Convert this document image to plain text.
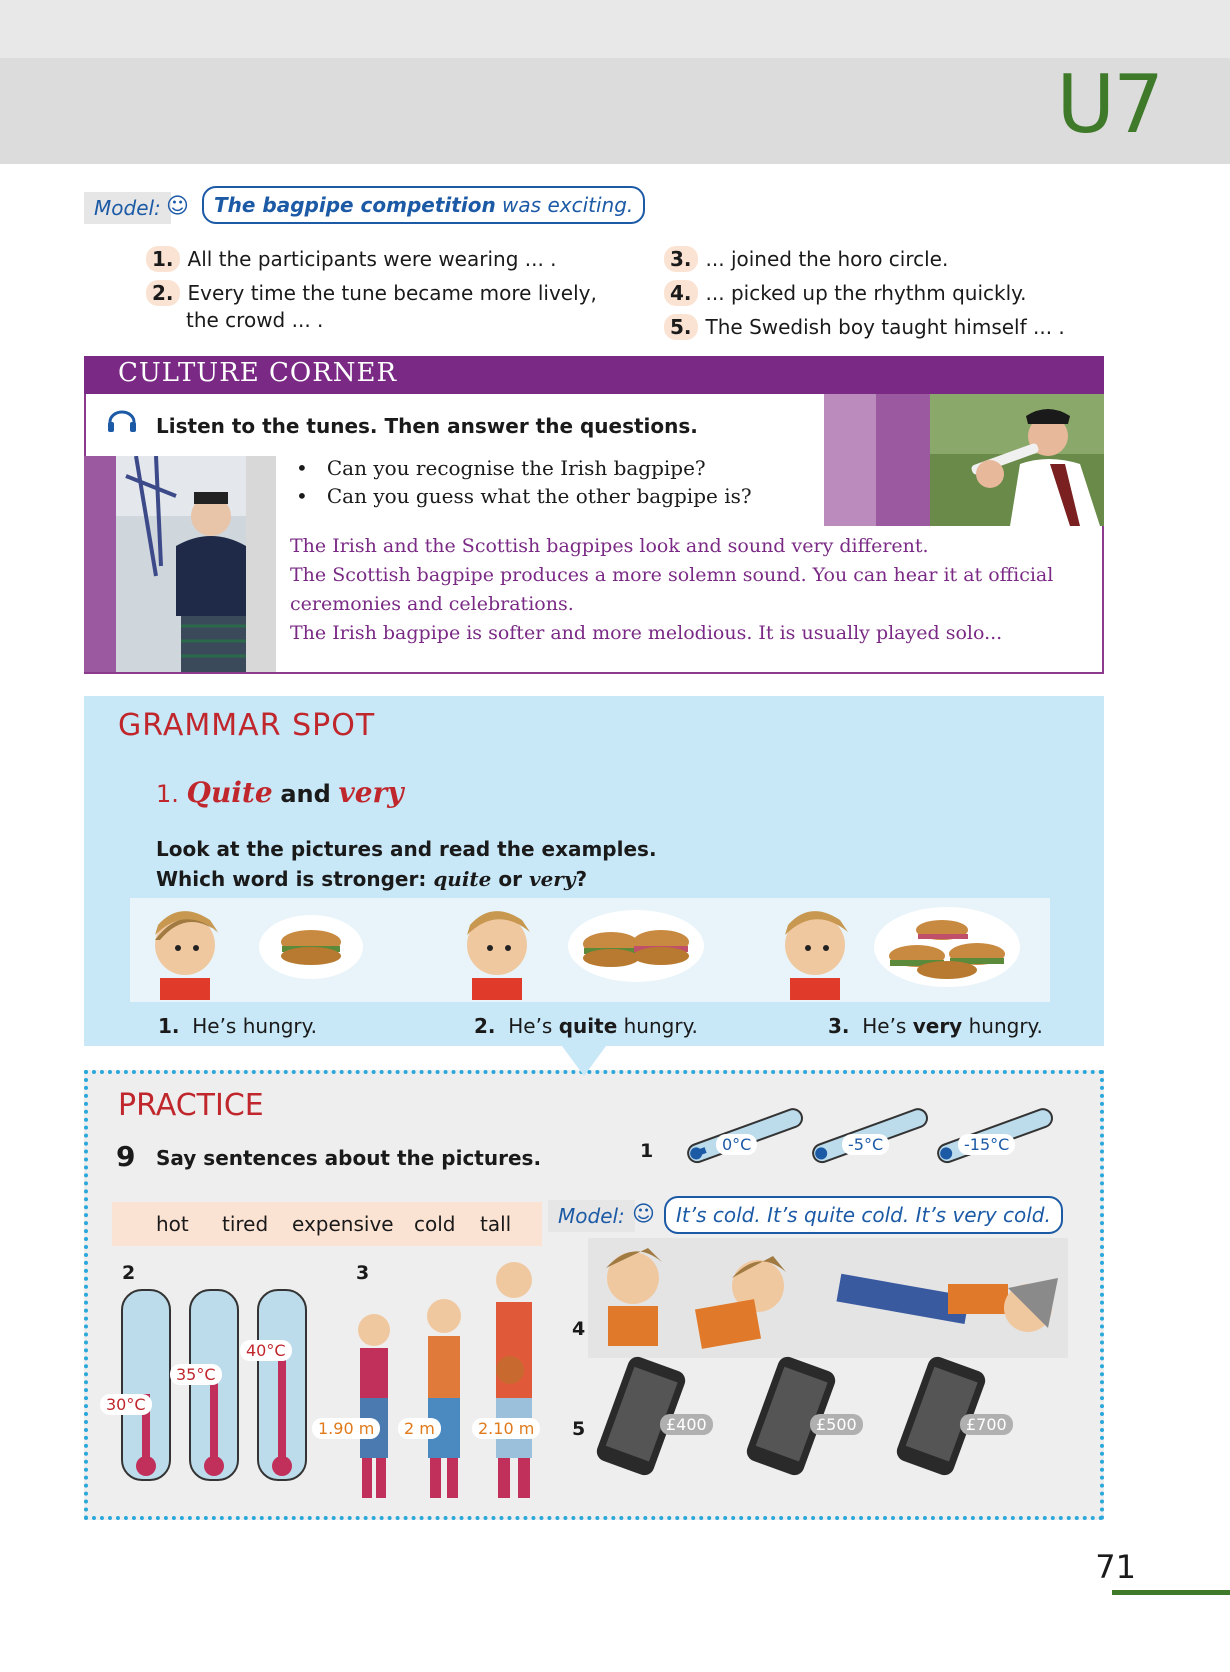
U7
Model: ☺	The bagpipe competition was exciting.
1. All the participants were wearing ... .
2. Every time the tune became more lively,
the crowd ... .
3. ... joined the horo circle.
4. ... picked up the rhythm quickly.
5. The Swedish boy taught himself ... .
CULTURE CORNER
Listen to the tunes. Then answer the questions.
•   Can you recognise the Irish bagpipe?
•   Can you guess what the other bagpipe is?
The Irish and the Scottish bagpipes look and sound very different.
The Scottish bagpipe produces a more solemn sound. You can hear it at official
ceremonies and celebrations.
The Irish bagpipe is softer and more melodious. It is usually played solo...
GRAMMAR SPOT
1. Quite and very
Look at the pictures and read the examples.
Which word is stronger: quite or very?
1. He’s hungry.	2. He’s quite hungry.	3. He’s very hungry.
PRACTICE
9 Say sentences about the pictures.
hot tired expensive cold tall	Model: ☺	It’s cold. It’s quite cold. It’s very cold.
1	0°C	-5°C	-15°C
2
30°C
35°C
40°C
3
1.90 m	2 m	2.10 m
4
5	£400	£500	£700
71
